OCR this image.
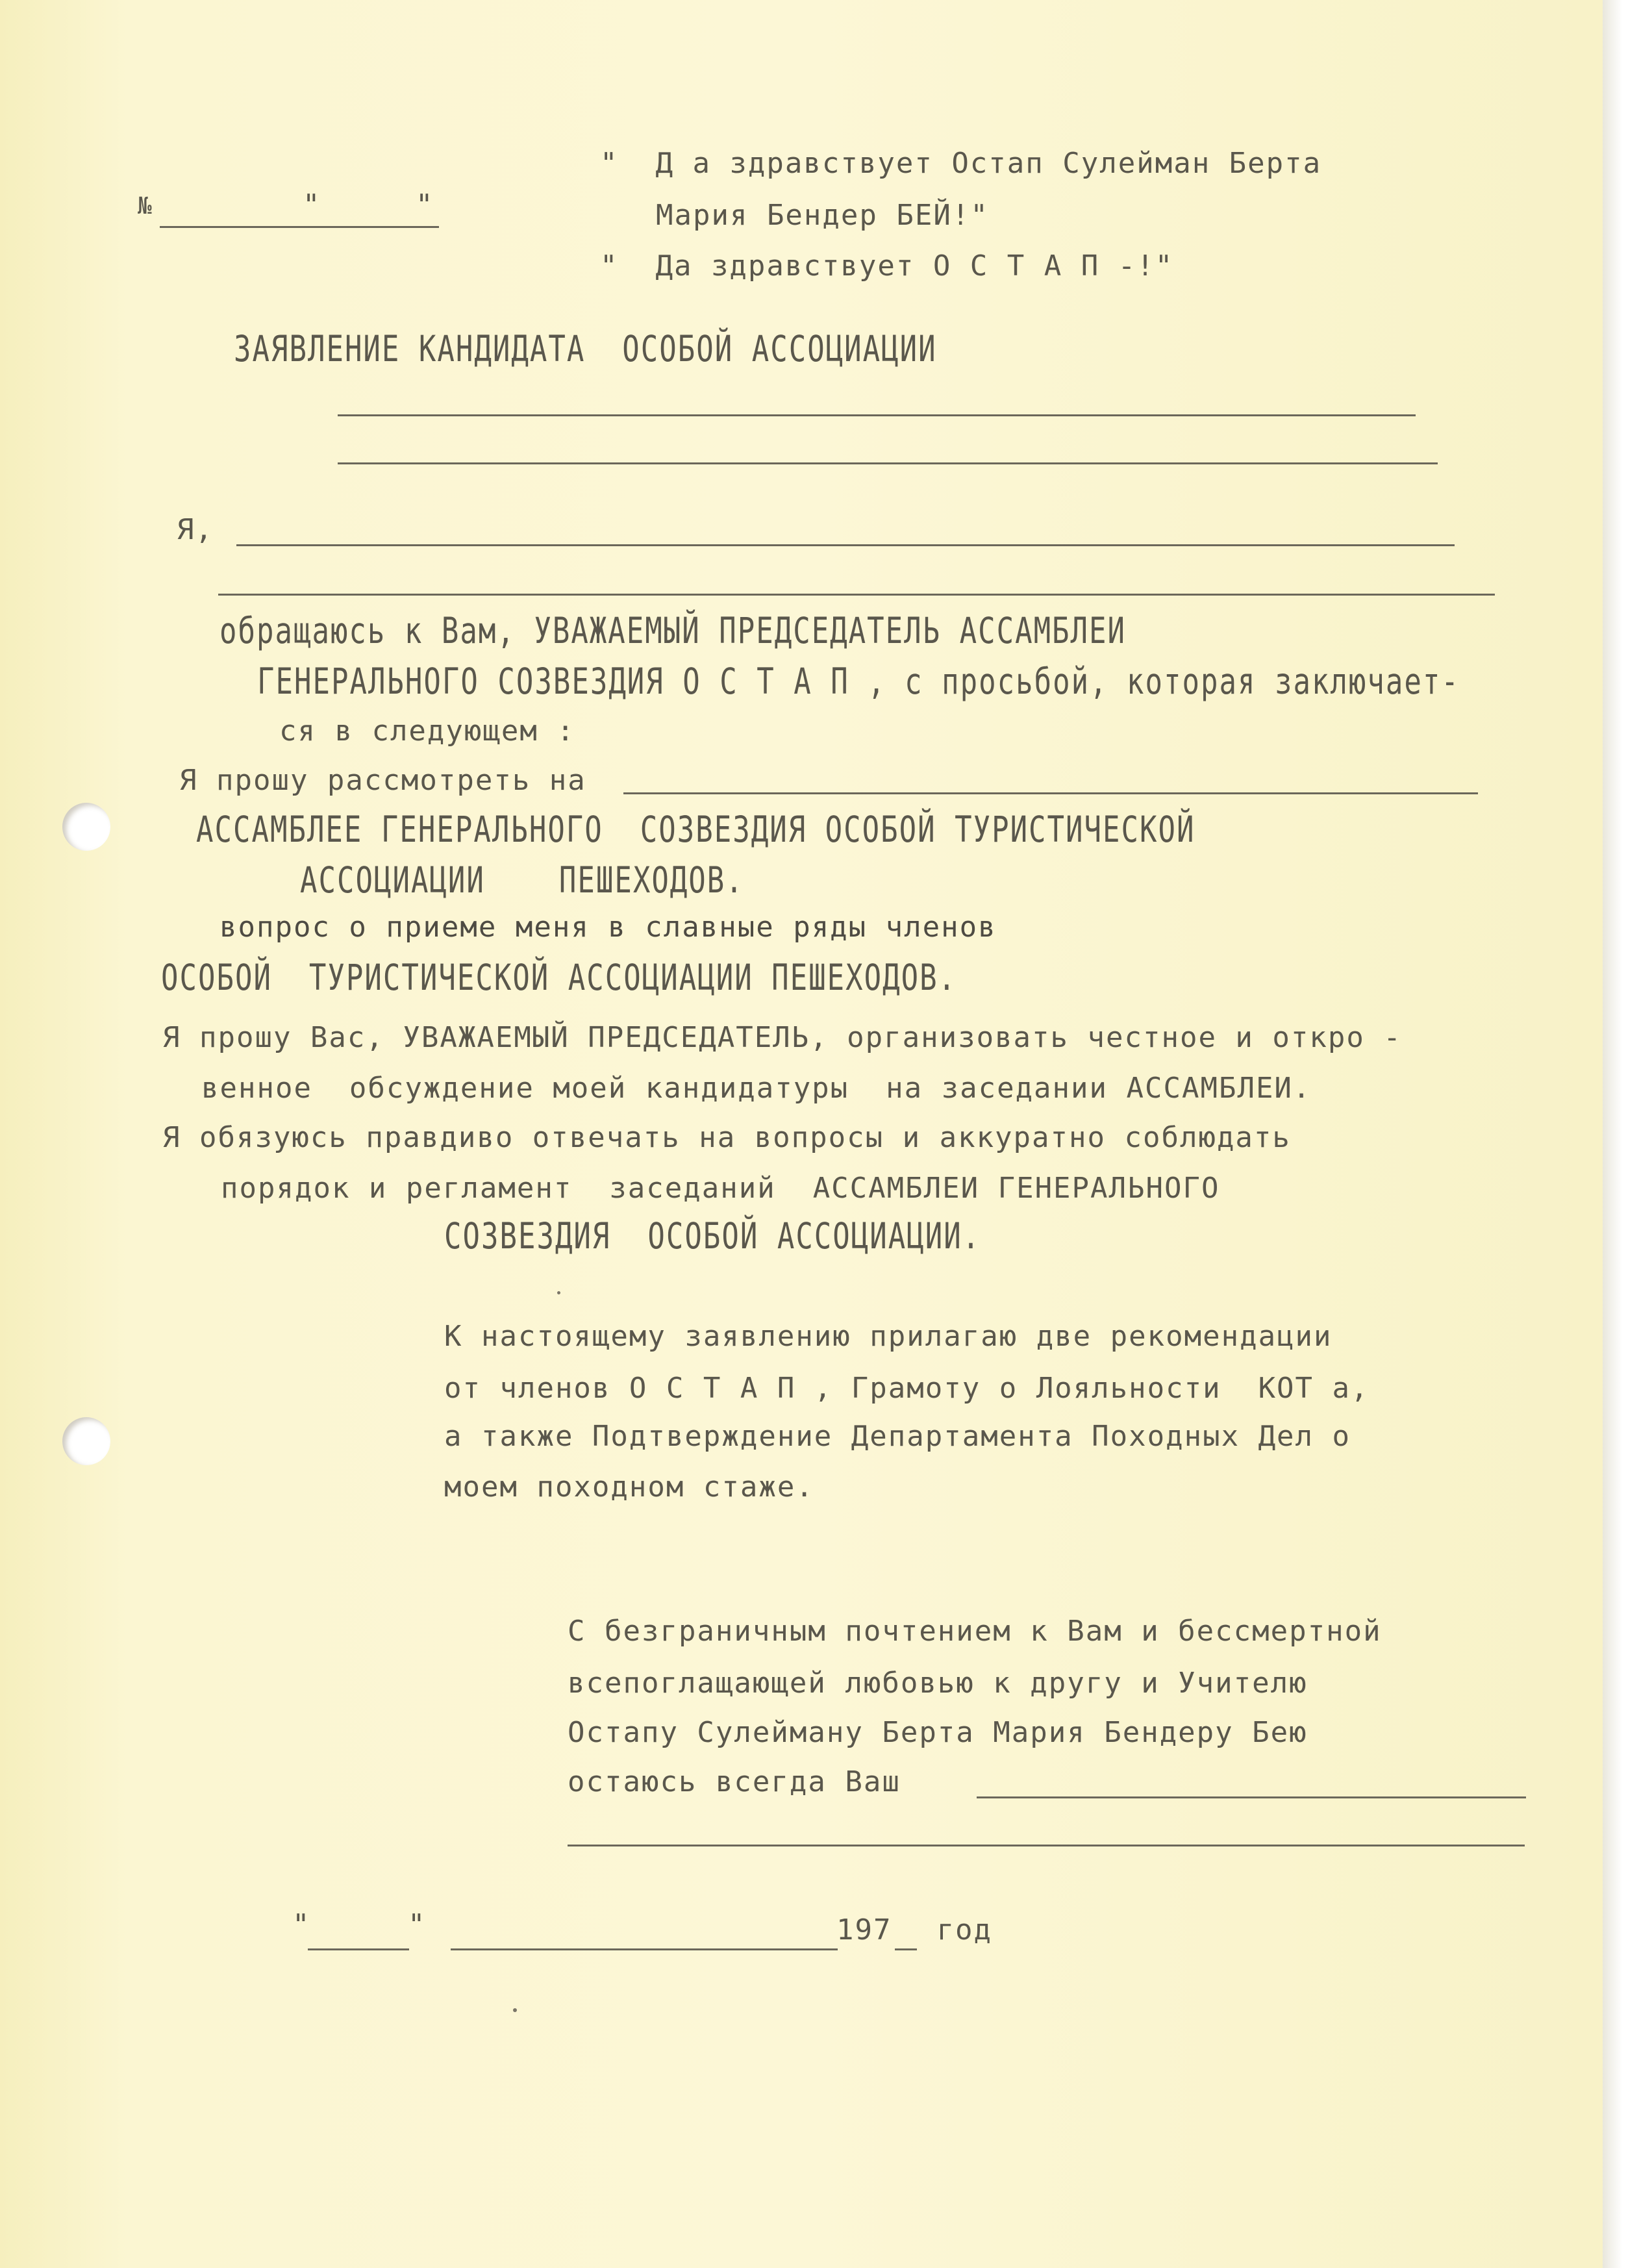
№	"	"
"  Д а здравствует Остап Сулейман Берта
Мария Бендер БЕЙ!"
"  Да здравствует О С Т А П -!"
ЗАЯВЛЕНИЕ КАНДИДАТА  ОСОБОЙ АССОЦИАЦИИ
Я,
обращаюсь к Вам, УВАЖАЕМЫЙ ПРЕДСЕДАТЕЛЬ АССАМБЛЕИ
ГЕНЕРАЛЬНОГО СОЗВЕЗДИЯ О С Т А П , с просьбой, которая заключает-
ся в следующем :
Я прошу рассмотреть на
АССАМБЛЕЕ ГЕНЕРАЛЬНОГО  СОЗВЕЗДИЯ ОСОБОЙ ТУРИСТИЧЕСКОЙ
АССОЦИАЦИИ    ПЕШЕХОДОВ.
вопрос о приеме меня в славные ряды членов
ОСОБОЙ  ТУРИСТИЧЕСКОЙ АССОЦИАЦИИ ПЕШЕХОДОВ.
Я прошу Вас, УВАЖАЕМЫЙ ПРЕДСЕДАТЕЛЬ, организовать честное и откро -
венное  обсуждение моей кандидатуры  на заседании АССАМБЛЕИ.
Я обязуюсь правдиво отвечать на вопросы и аккуратно соблюдать
порядок и регламент  заседаний  АССАМБЛЕИ ГЕНЕРАЛЬНОГО
СОЗВЕЗДИЯ  ОСОБОЙ АССОЦИАЦИИ.
К настоящему заявлению прилагаю две рекомендации
от членов О С Т А П , Грамоту о Лояльности  КОТ а,
а также Подтверждение Департамента Походных Дел о
моем походном стаже.
С безграничным почтением к Вам и бессмертной
всепоглащающей любовью к другу и Учителю
Остапу Сулейману Берта Мария Бендеру Бею
остаюсь всегда Ваш
"	"	197 год
